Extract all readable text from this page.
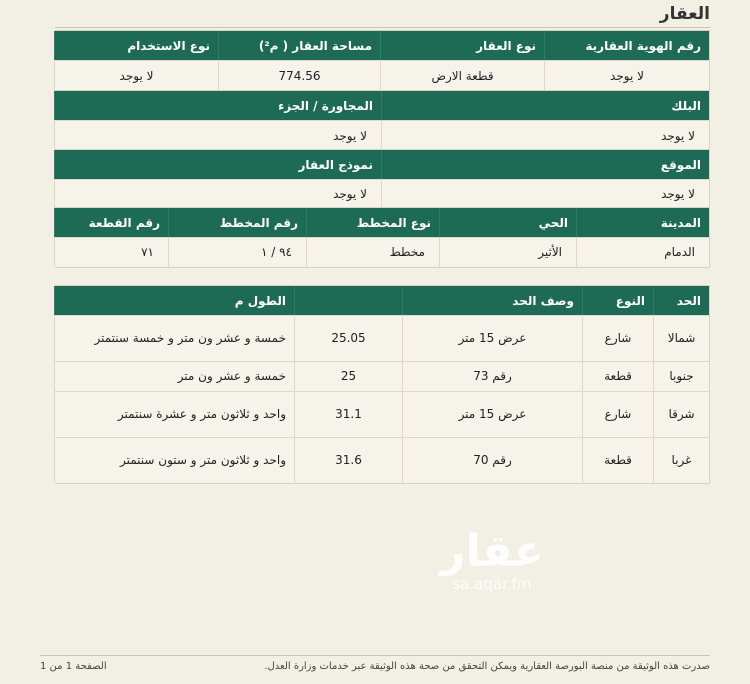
العقار
رقم الهوية العقارية
نوع العقار
مساحة العقار ( م²)
نوع الاستخدام
لا يوجد
قطعة الارض
774.56
لا يوجد
البلك
المجاورة / الجزء
لا يوجد
لا يوجد
الموقع
نموذج العقار
لا يوجد
لا يوجد
المدينة
الحي
نوع المخطط
رقم المخطط
رقم القطعة
الدمام
الأثير
مخطط
٩٤ / ١
٧١
الحد
النوع
وصف الحد
الطول م
شمالا
شارع
عرض 15 متر
25.05
خمسة و عشر ون متر و خمسة سنتمتر
جنوبا
قطعة
رقم 73
25
خمسة و عشر ون متر
شرقا
شارع
عرض 15 متر
31.1
واحد و ثلاثون متر و عشرة سنتمتر
غربا
قطعة
رقم 70
31.6
واحد و ثلاثون متر و ستون سنتمتر
عقار
sa.aqar.fm
صدرت هذه الوثيقة من منصة البورصة العقارية ويمكن التحقق من صحة هذه الوثيقة عبر خدمات وزارة العدل.
الصفحة 1 من 1
